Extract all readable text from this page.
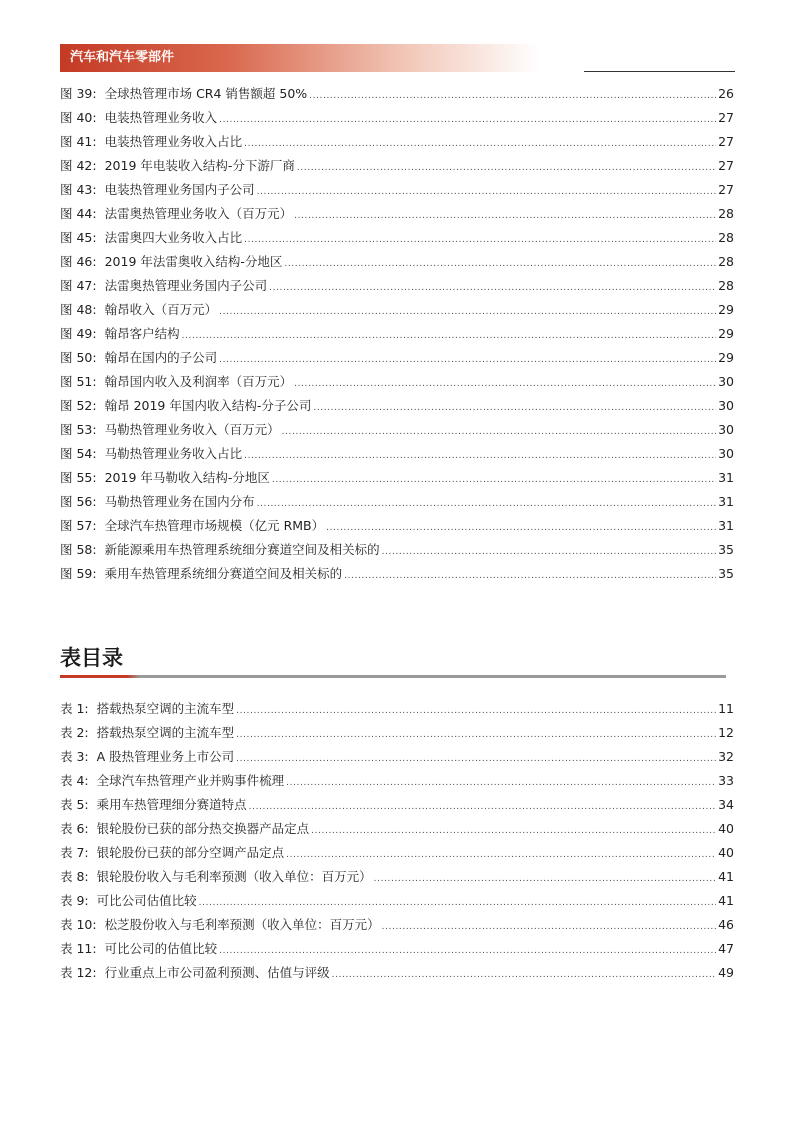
汽车和汽车零部件
图 39: 全球热管理市场 CR4 销售额超 50% .....	26
图 40: 电装热管理业务收入 .....	27
图 41: 电装热管理业务收入占比 .....	27
图 42: 2019 年电装收入结构-分下游厂商 .....	27
图 43: 电装热管理业务国内子公司 .....	27
图 44: 法雷奥热管理业务收入（百万元） .....	28
图 45: 法雷奥四大业务收入占比 .....	28
图 46: 2019 年法雷奥收入结构-分地区 .....	28
图 47: 法雷奥热管理业务国内子公司 .....	28
图 48: 翰昂收入（百万元） .....	29
图 49: 翰昂客户结构 .....	29
图 50: 翰昂在国内的子公司 .....	29
图 51: 翰昂国内收入及利润率（百万元） .....	30
图 52: 翰昂 2019 年国内收入结构-分子公司 .....	30
图 53: 马勒热管理业务收入（百万元） .....	30
图 54: 马勒热管理业务收入占比 .....	30
图 55: 2019 年马勒收入结构-分地区 .....	31
图 56: 马勒热管理业务在国内分布 .....	31
图 57: 全球汽车热管理市场规模（亿元 RMB） .....	31
图 58: 新能源乘用车热管理系统细分赛道空间及相关标的 .....	35
图 59: 乘用车热管理系统细分赛道空间及相关标的 .....	35
表目录
表 1: 搭载热泵空调的主流车型 .....	11
表 2: 搭载热泵空调的主流车型 .....	12
表 3: A 股热管理业务上市公司 .....	32
表 4: 全球汽车热管理产业并购事件梳理 .....	33
表 5: 乘用车热管理细分赛道特点 .....	34
表 6: 银轮股份已获的部分热交换器产品定点 .....	40
表 7: 银轮股份已获的部分空调产品定点 .....	40
表 8: 银轮股份收入与毛利率预测（收入单位：百万元） .....	41
表 9: 可比公司估值比较 .....	41
表 10: 松芝股份收入与毛利率预测（收入单位：百万元） .....	46
表 11: 可比公司的估值比较 .....	47
表 12: 行业重点上市公司盈利预测、估值与评级 .....	49
